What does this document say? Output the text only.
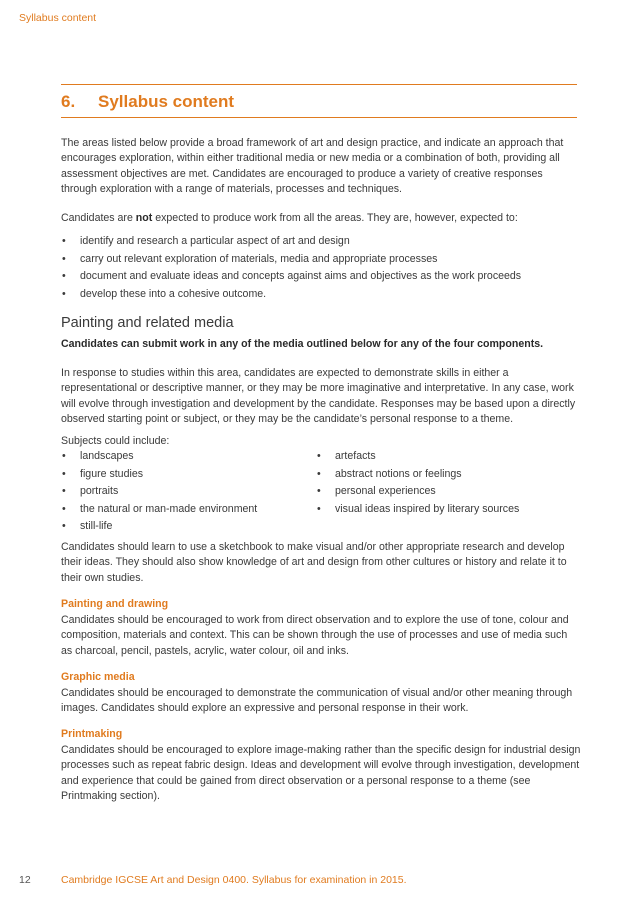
Syllabus content
6. Syllabus content

The areas listed below provide a broad framework of art and design practice, and indicate an approach that encourages exploration, within either traditional media or new media or a combination of both, providing all assessment objectives are met. Candidates are encouraged to produce a variety of creative responses through exploration with a range of materials, processes and techniques.

Candidates are not expected to produce work from all the areas. They are, however, expected to:

• identify and research a particular aspect of art and design
• carry out relevant exploration of materials, media and appropriate processes
• document and evaluate ideas and concepts against aims and objectives as the work proceeds
• develop these into a cohesive outcome.
Painting and related media
Candidates can submit work in any of the media outlined below for any of the four components.

In response to studies within this area, candidates are expected to demonstrate skills in either a representational or descriptive manner, or they may be more imaginative and interpretative. In any case, work will evolve through investigation and development by the candidate. Responses may be based upon a directly observed starting point or subject, or they may be the candidate’s personal response to a theme.

Subjects could include:
• landscapes
• figure studies
• portraits
• the natural or man-made environment
• still-life
• artefacts
• abstract notions or feelings
• personal experiences
• visual ideas inspired by literary sources

Candidates should learn to use a sketchbook to make visual and/or other appropriate research and develop their ideas. They should also show knowledge of art and design from other cultures or history and relate it to their own studies.

Painting and drawing

Candidates should be encouraged to work from direct observation and to explore the use of tone, colour and composition, materials and context. This can be shown through the use of processes and use of media such as charcoal, pencil, pastels, acrylic, water colour, oil and inks.

Graphic media

Candidates should be encouraged to demonstrate the communication of visual and/or other meaning through images. Candidates should explore an expressive and personal response in their work.

Printmaking

Candidates should be encouraged to explore image-making rather than the specific design for industrial design processes such as repeat fabric design. Ideas and development will evolve through investigation, development and experience that could be gained from direct observation or a personal response to a theme (see Printmaking section).

12	Cambridge IGCSE Art and Design 0400. Syllabus for examination in 2015.
